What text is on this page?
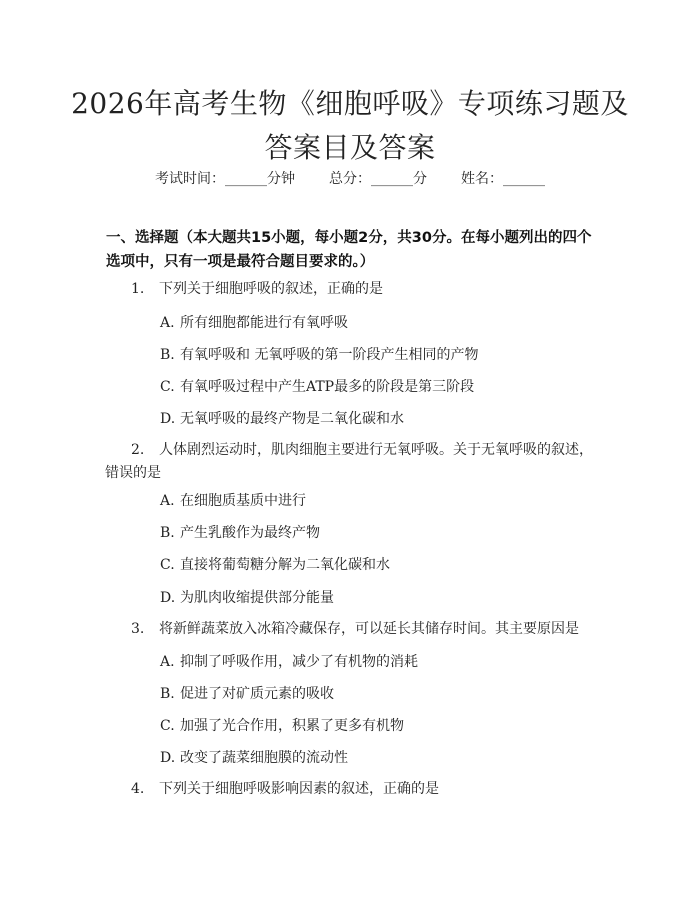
2026年高考生物《细胞呼吸》专项练习题及
答案目及答案
考试时间：______分钟 总分：______分 姓名：______
一、选择题（本大题共15小题，每小题2分，共30分。在每小题列出的四个选项中，只有一项是最符合题目要求的。）
1. 下列关于细胞呼吸的叙述，正确的是
A. 所有细胞都能进行有氧呼吸
B. 有氧呼吸和 无氧呼吸的第一阶段产生相同的产物
C. 有氧呼吸过程中产生ATP最多的阶段是第三阶段
D. 无氧呼吸的最终产物是二氧化碳和水
2. 人体剧烈运动时，肌肉细胞主要进行无氧呼吸。关于无氧呼吸的叙述，错误的是
A. 在细胞质基质中进行
B. 产生乳酸作为最终产物
C. 直接将葡萄糖分解为二氧化碳和水
D. 为肌肉收缩提供部分能量
3. 将新鲜蔬菜放入冰箱冷藏保存，可以延长其储存时间。其主要原因是
A. 抑制了呼吸作用，减少了有机物的消耗
B. 促进了对矿质元素的吸收
C. 加强了光合作用，积累了更多有机物
D. 改变了蔬菜细胞膜的流动性
4. 下列关于细胞呼吸影响因素的叙述，正确的是
